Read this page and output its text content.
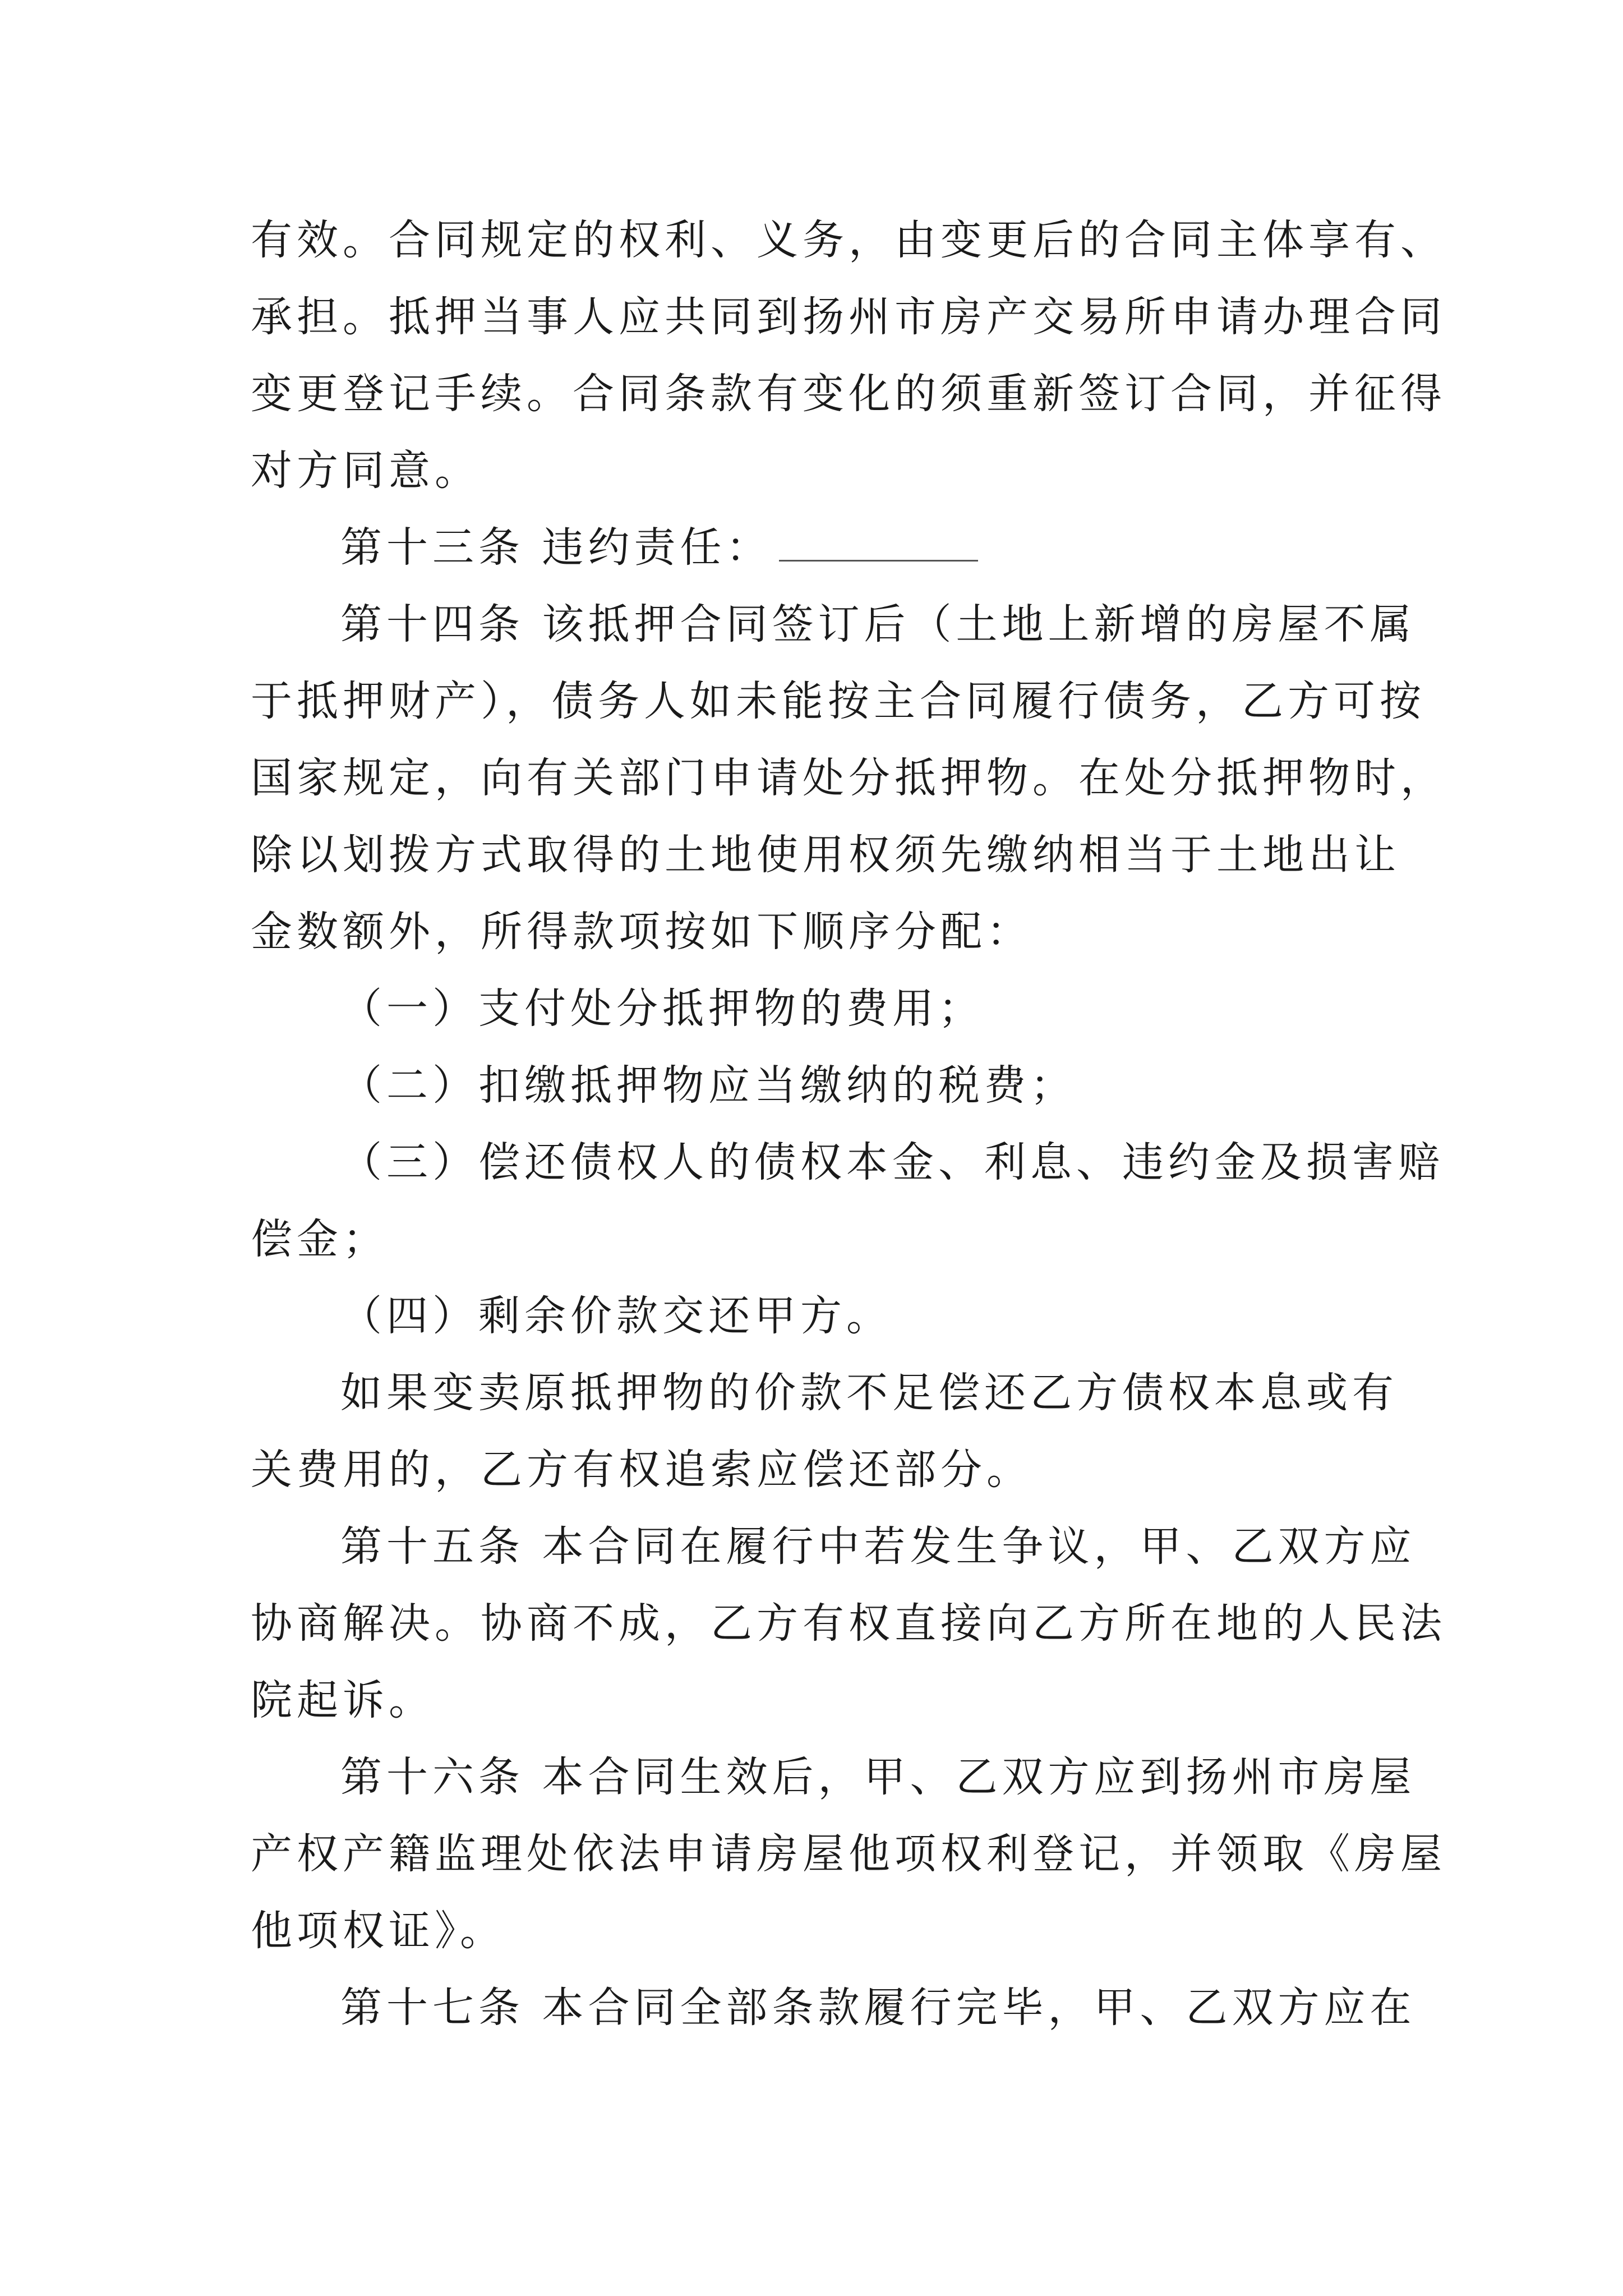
有效。合同规定的权利、义务，由变更后的合同主体享有、
承担。抵押当事人应共同到扬州市房产交易所申请办理合同
变更登记手续。合同条款有变化的须重新签订合同，并征得
对方同意。
第十三条 违约责任：
第十四条 该抵押合同签订后（土地上新增的房屋不属
于抵押财产），债务人如未能按主合同履行债务，乙方可按
国家规定，向有关部门申请处分抵押物。在处分抵押物时，
除以划拨方式取得的土地使用权须先缴纳相当于土地出让
金数额外，所得款项按如下顺序分配：
（一）支付处分抵押物的费用；
（二）扣缴抵押物应当缴纳的税费；
（三）偿还债权人的债权本金、利息、违约金及损害赔
偿金；
（四）剩余价款交还甲方。
如果变卖原抵押物的价款不足偿还乙方债权本息或有
关费用的，乙方有权追索应偿还部分。
第十五条 本合同在履行中若发生争议，甲、乙双方应
协商解决。协商不成，乙方有权直接向乙方所在地的人民法
院起诉。
第十六条 本合同生效后，甲、乙双方应到扬州市房屋
产权产籍监理处依法申请房屋他项权利登记，并领取《房屋
他项权证》。
第十七条 本合同全部条款履行完毕，甲、乙双方应在
